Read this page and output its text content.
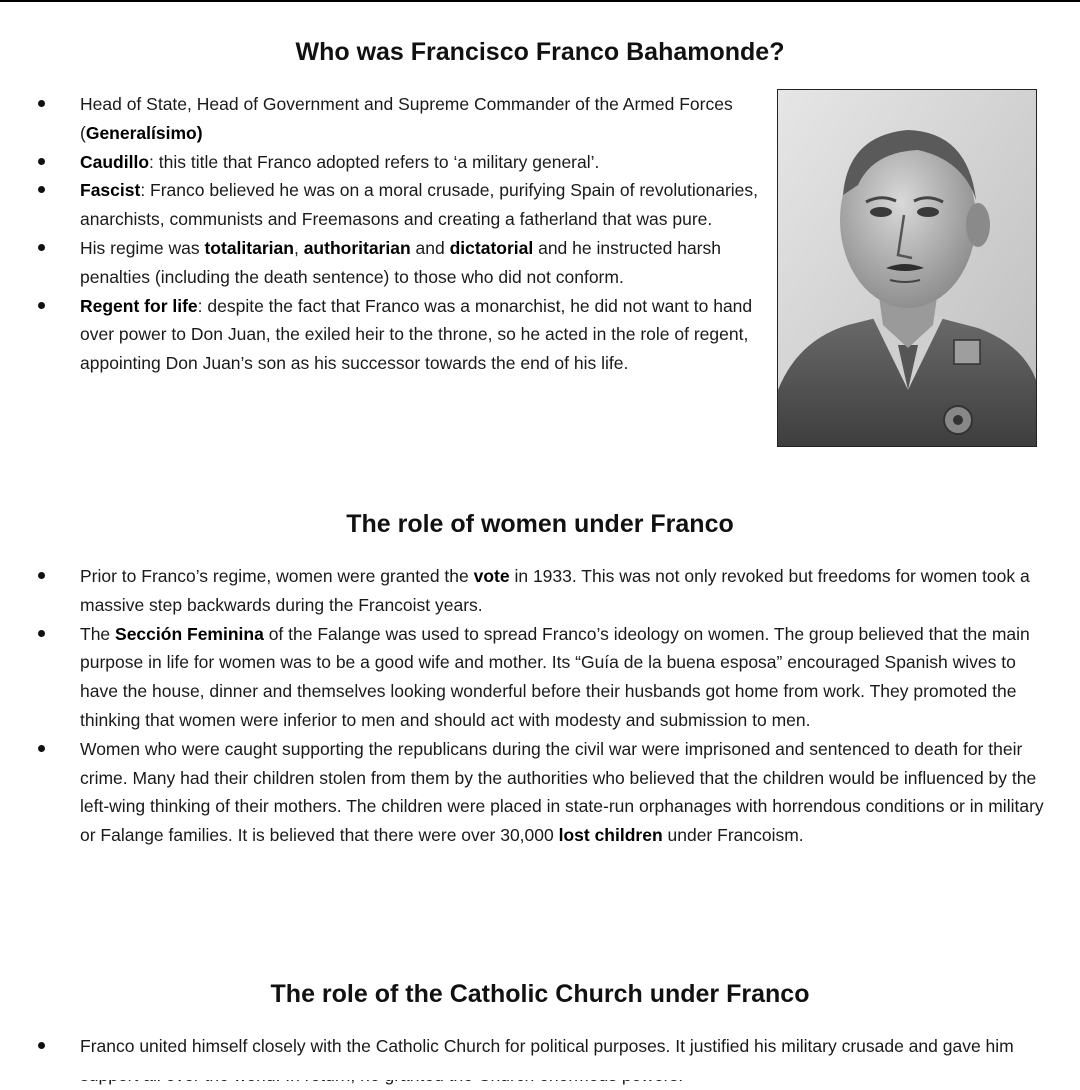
Who was Francisco Franco Bahamonde?
Head of State, Head of Government and Supreme Commander of the Armed Forces (Generalísimo)
Caudillo: this title that Franco adopted refers to ‘a military general’.
Fascist: Franco believed he was on a moral crusade, purifying Spain of revolutionaries, anarchists, communists and Freemasons and creating a fatherland that was pure.
His regime was totalitarian, authoritarian and dictatorial and he instructed harsh penalties (including the death sentence) to those who did not conform.
Regent for life: despite the fact that Franco was a monarchist, he did not want to hand over power to Don Juan, the exiled heir to the throne, so he acted in the role of regent, appointing Don Juan’s son as his successor towards the end of his life.
The role of women under Franco
Prior to Franco’s regime, women were granted the vote in 1933. This was not only revoked but freedoms for women took a massive step backwards during the Francoist years.
The Sección Feminina of the Falange was used to spread Franco’s ideology on women. The group believed that the main purpose in life for women was to be a good wife and mother. Its “Guía de la buena esposa” encouraged Spanish wives to have the house, dinner and themselves looking wonderful before their husbands got home from work. They promoted the thinking that women were inferior to men and should act with modesty and submission to men.
Women who were caught supporting the republicans during the civil war were imprisoned and sentenced to death for their crime. Many had their children stolen from them by the authorities who believed that the children would be influenced by the left-wing thinking of their mothers. The children were placed in state-run orphanages with horrendous conditions or in military or Falange families. It is believed that there were over 30,000 lost children under Francoism.
The role of the Catholic Church under Franco
Franco united himself closely with the Catholic Church for political purposes. It justified his military crusade and gave him
